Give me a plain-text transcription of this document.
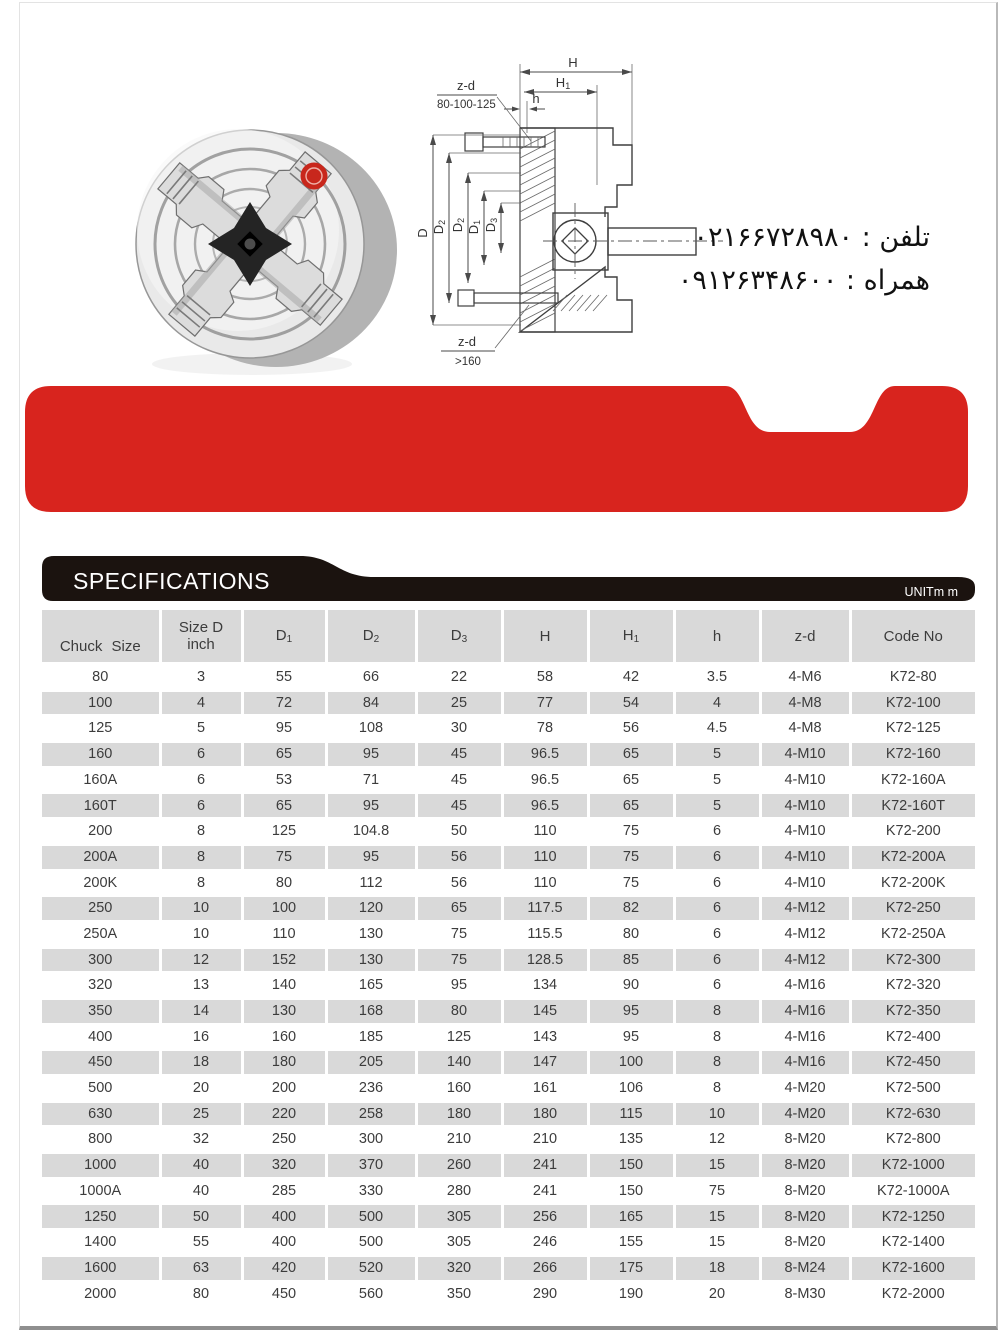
H
H1
h
z-d
80-100-125
D D2
D2
D1
D3
z-d
>160
تلفن : ۰۲۱۶۶۷۲۸۹۸۰
همراه : ۰۹۱۲۶۳۴۸۶۰۰
SPECIFICATIONS	UNITm m
Chuck Size	Size D
inch	$D_1$	$D_2$	$D_3$	H	$H_1$	h	z-d	Code No
80	3	55	66	22	58	42	3.5	4-M6	K72-80
100	4	72	84	25	77	54	4	4-M8	K72-100
125	5	95	108	30	78	56	4.5	4-M8	K72-125
160	6	65	95	45	96.5	65	5	4-M10	K72-160
160A	6	53	71	45	96.5	65	5	4-M10	K72-160A
160T	6	65	95	45	96.5	65	5	4-M10	K72-160T
200	8	125	104.8	50	110	75	6	4-M10	K72-200
200A	8	75	95	56	110	75	6	4-M10	K72-200A
200K	8	80	112	56	110	75	6	4-M10	K72-200K
250	10	100	120	65	117.5	82	6	4-M12	K72-250
250A	10	110	130	75	115.5	80	6	4-M12	K72-250A
300	12	152	130	75	128.5	85	6	4-M12	K72-300
320	13	140	165	95	134	90	6	4-M16	K72-320
350	14	130	168	80	145	95	8	4-M16	K72-350
400	16	160	185	125	143	95	8	4-M16	K72-400
450	18	180	205	140	147	100	8	4-M16	K72-450
500	20	200	236	160	161	106	8	4-M20	K72-500
630	25	220	258	180	180	115	10	4-M20	K72-630
800	32	250	300	210	210	135	12	8-M20	K72-800
1000	40	320	370	260	241	150	15	8-M20	K72-1000
1000A	40	285	330	280	241	150	75	8-M20	K72-1000A
1250	50	400	500	305	256	165	15	8-M20	K72-1250
1400	55	400	500	305	246	155	15	8-M20	K72-1400
1600	63	420	520	320	266	175	18	8-M24	K72-1600
2000	80	450	560	350	290	190	20	8-M30	K72-2000
